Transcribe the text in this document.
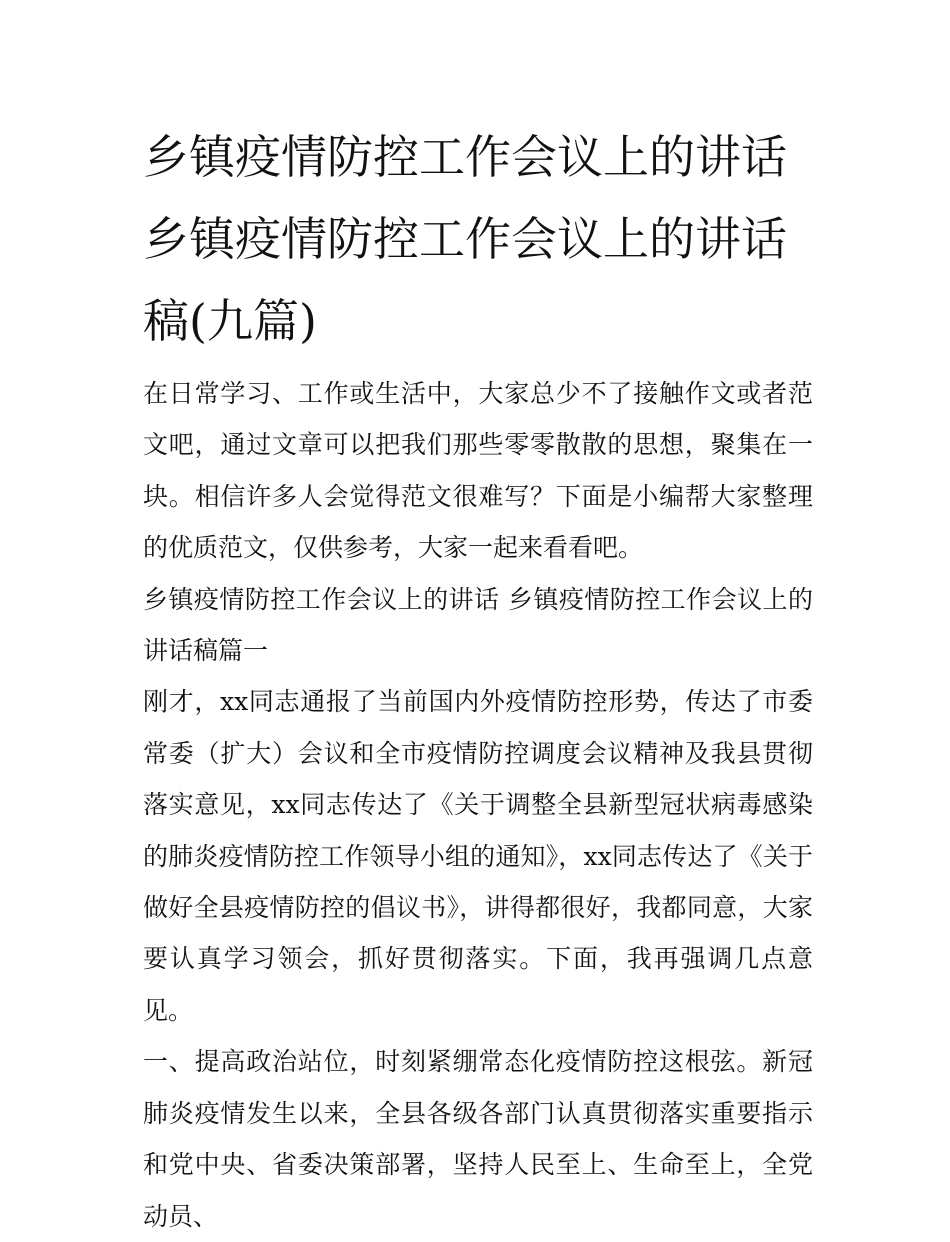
乡镇疫情防控工作会议上的讲话 乡镇疫情防控工作会议上的讲话稿(九篇)

在日常学习、工作或生活中，大家总少不了接触作文或者范文吧，通过文章可以把我们那些零零散散的思想，聚集在一块。相信许多人会觉得范文很难写？下面是小编帮大家整理的优质范文，仅供参考，大家一起来看看吧。

乡镇疫情防控工作会议上的讲话 乡镇疫情防控工作会议上的讲话稿篇一

刚才，xx同志通报了当前国内外疫情防控形势，传达了市委常委（扩大）会议和全市疫情防控调度会议精神及我县贯彻落实意见，xx同志传达了《关于调整全县新型冠状病毒感染的肺炎疫情防控工作领导小组的通知》，xx同志传达了《关于做好全县疫情防控的倡议书》，讲得都很好，我都同意，大家要认真学习领会，抓好贯彻落实。下面，我再强调几点意见。

一、提高政治站位，时刻紧绷常态化疫情防控这根弦。新冠肺炎疫情发生以来，全县各级各部门认真贯彻落实重要指示和党中央、省委决策部署，坚持人民至上、生命至上，全党动员、
